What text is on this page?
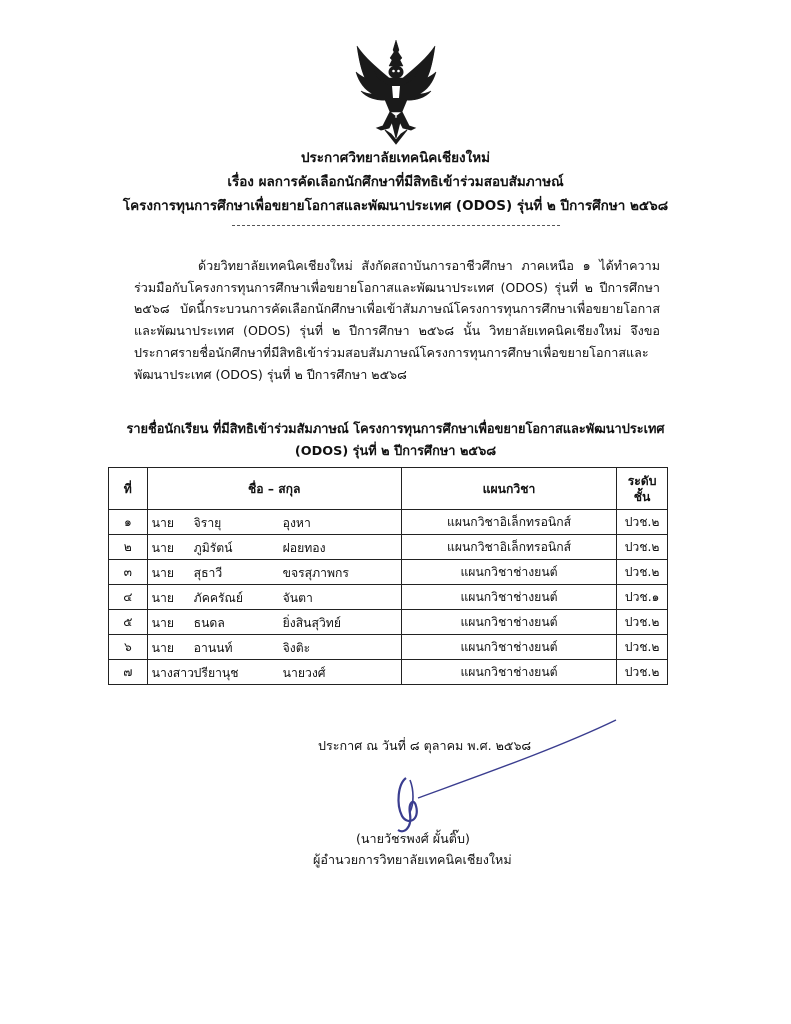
ประกาศวิทยาลัยเทคนิคเชียงใหม่
เรื่อง ผลการคัดเลือกนักศึกษาที่มีสิทธิเข้าร่วมสอบสัมภาษณ์
โครงการทุนการศึกษาเพื่อขยายโอกาสและพัฒนาประเทศ (ODOS) รุ่นที่ ๒ ปีการศึกษา ๒๕๖๘
ด้วยวิทยาลัยเทคนิคเชียงใหม่ สังกัดสถาบันการอาชีวศึกษา ภาคเหนือ ๑ ได้ทำความร่วมมือกับโครงการทุนการศึกษาเพื่อขยายโอกาสและพัฒนาประเทศ (ODOS) รุ่นที่ ๒ ปีการศึกษา ๒๕๖๘ บัดนี้กระบวนการคัดเลือกนักศึกษาเพื่อเข้าสัมภาษณ์โครงการทุนการศึกษาเพื่อขยายโอกาสและพัฒนาประเทศ (ODOS) รุ่นที่ ๒ ปีการศึกษา ๒๕๖๘ นั้น วิทยาลัยเทคนิคเชียงใหม่ จึงขอประกาศรายชื่อนักศึกษาที่มีสิทธิเข้าร่วมสอบสัมภาษณ์โครงการทุนการศึกษาเพื่อขยายโอกาสและพัฒนาประเทศ (ODOS) รุ่นที่ ๒ ปีการศึกษา ๒๕๖๘
รายชื่อนักเรียน ที่มีสิทธิเข้าร่วมสัมภาษณ์ โครงการทุนการศึกษาเพื่อขยายโอกาสและพัฒนาประเทศ
(ODOS) รุ่นที่ ๒ ปีการศึกษา ๒๕๖๘
ที่	ชื่อ – สกุล	แผนกวิชา	ระดับ
ชั้น

๑	นาย จิรายุ อุงหา	แผนกวิชาอิเล็กทรอนิกส์	ปวช.๒
๒	นาย ภูมิรัตน์ ฝอยทอง	แผนกวิชาอิเล็กทรอนิกส์	ปวช.๒
๓	นาย สุธาวี ขจรสุภาพกร	แผนกวิชาช่างยนต์	ปวช.๒
๔	นาย ภัคครัณย์ จันตา	แผนกวิชาช่างยนต์	ปวช.๑
๕	นาย ธนดล ยิ่งสินสุวิทย์	แผนกวิชาช่างยนต์	ปวช.๒
๖	นาย อานนท์ จิงติะ	แผนกวิชาช่างยนต์	ปวช.๒
๗	นางสาว ปรียานุช นายวงศ์	แผนกวิชาช่างยนต์	ปวช.๒
ประกาศ ณ วันที่ ๘ ตุลาคม พ.ศ. ๒๕๖๘
(นายวัชรพงศ์ ผั้นติ๊บ)
ผู้อำนวยการวิทยาลัยเทคนิคเชียงใหม่
